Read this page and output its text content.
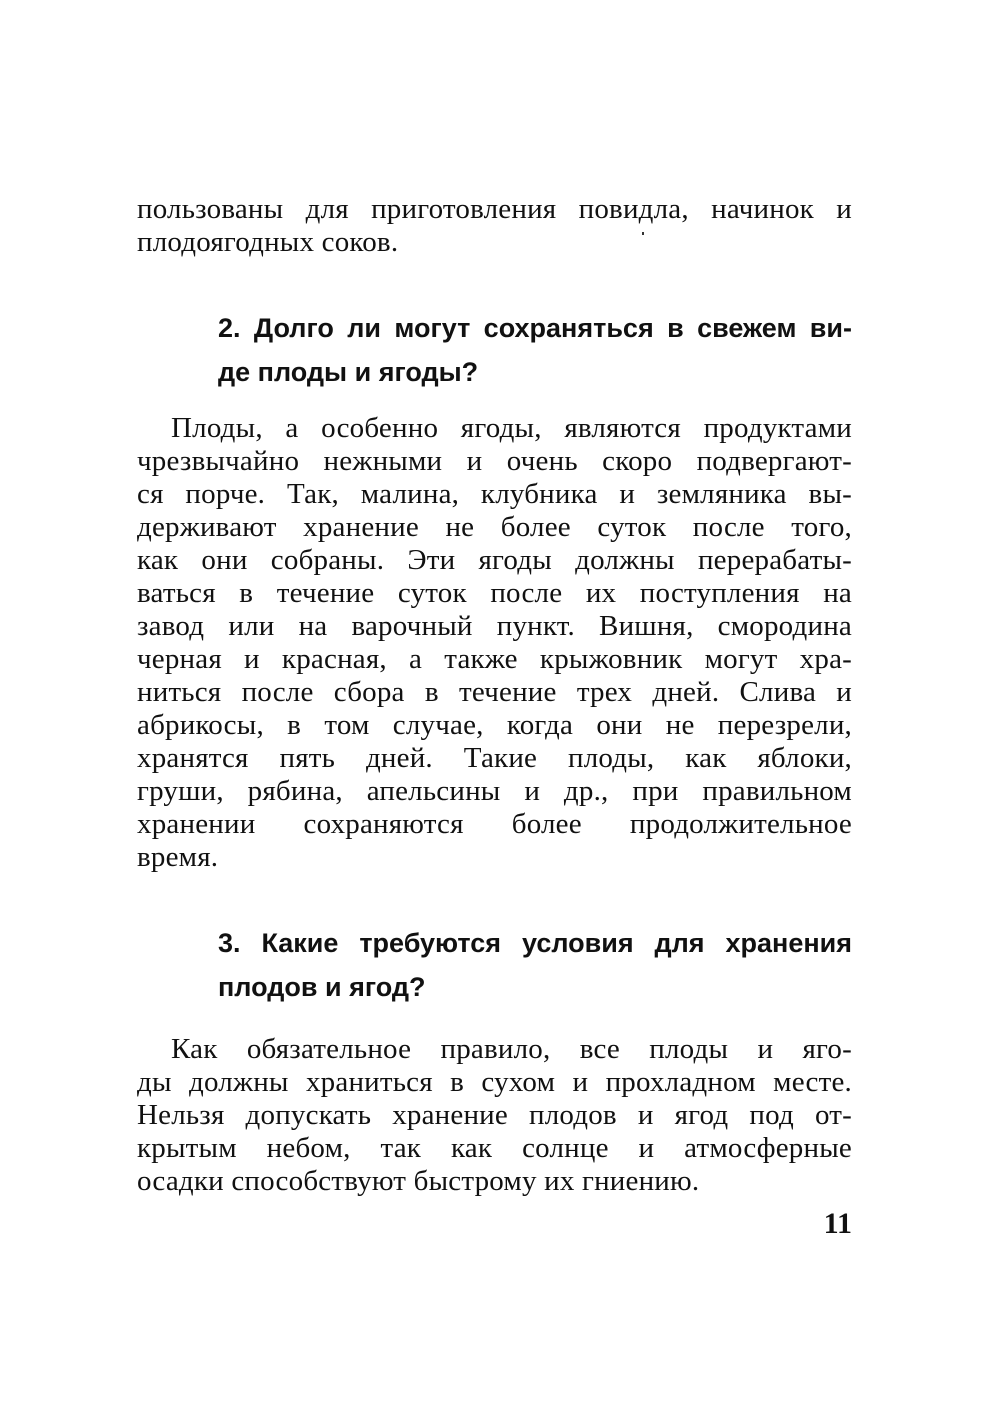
пользованы для приготовления повидла, начинок и
плодоягодных соков.
2. Долго ли могут сохраняться в свежем ви-
де плоды и ягоды?
Плоды, а особенно ягоды, являются продуктами
чрезвычайно нежными и очень скоро подвергают-
ся порче. Так, малина, клубника и земляника вы-
держивают хранение не более суток после того,
как они собраны. Эти ягоды должны перерабаты-
ваться в течение суток после их поступления на
завод или на варочный пункт. Вишня, смородина
черная и красная, а также крыжовник могут хра-
ниться после сбора в течение трех дней. Слива и
абрикосы, в том случае, когда они не перезрели,
хранятся пять дней. Такие плоды, как яблоки,
груши, рябина, апельсины и др., при правильном
хранении сохраняются более продолжительное
время.
3. Какие требуются условия для хранения
плодов и ягод?
Как обязательное правило, все плоды и яго-
ды должны храниться в сухом и прохладном месте.
Нельзя допускать хранение плодов и ягод под от-
крытым небом, так как солнце и атмосферные
осадки способствуют быстрому их гниению.
11
